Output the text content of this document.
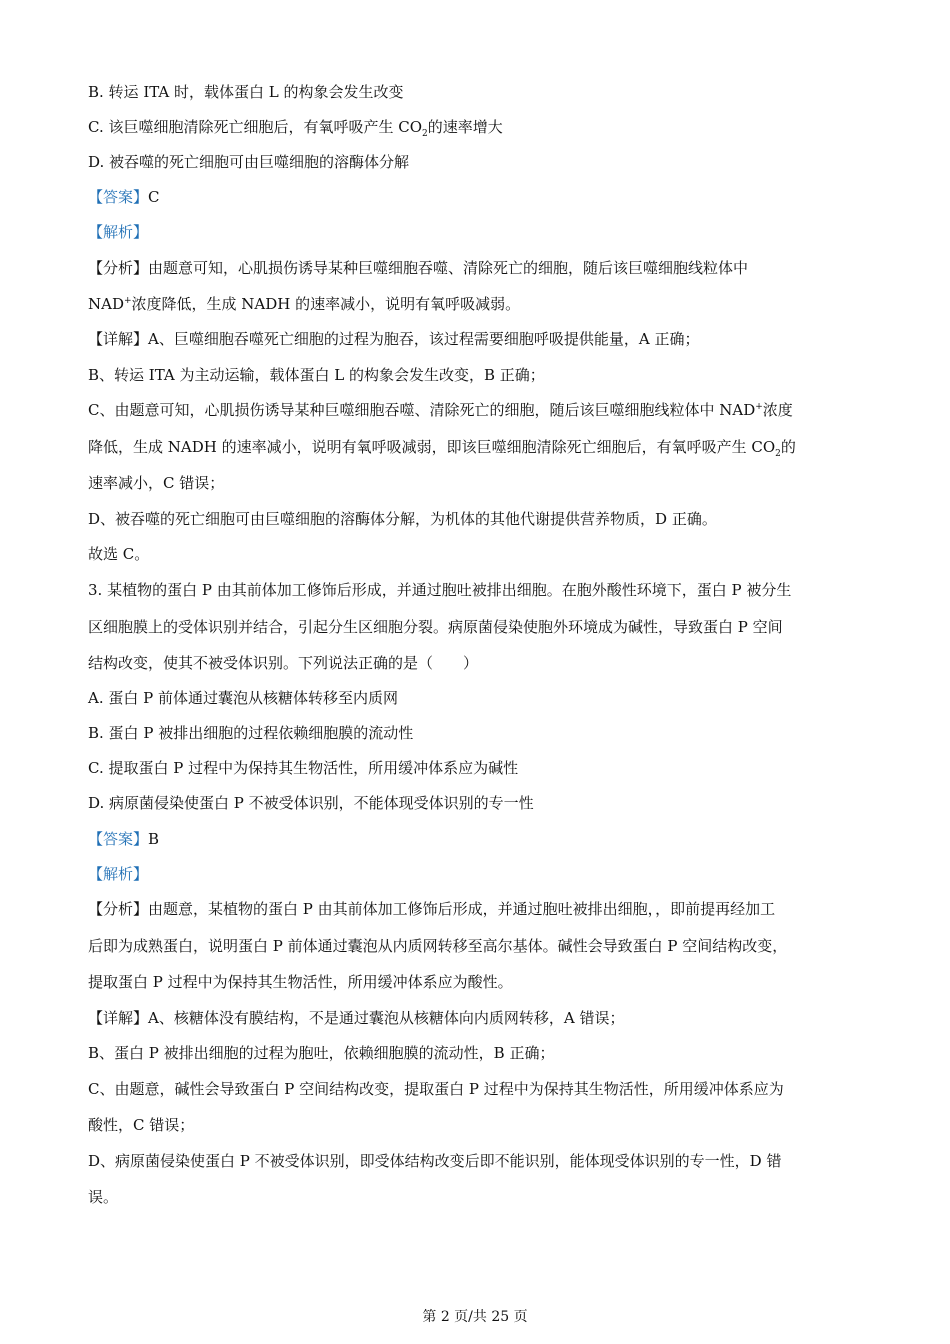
B. 转运 ITA 时，载体蛋白 L 的构象会发生改变
C. 该巨噬细胞清除死亡细胞后，有氧呼吸产生 $CO_2$的速率增大
D. 被吞噬的死亡细胞可由巨噬细胞的溶酶体分解
【答案】C
【解析】
【分析】由题意可知，心肌损伤诱导某种巨噬细胞吞噬、清除死亡的细胞，随后该巨噬细胞线粒体中
NAD+浓度降低，生成 NADH 的速率减小，说明有氧呼吸减弱。
【详解】A、巨噬细胞吞噬死亡细胞的过程为胞吞，该过程需要细胞呼吸提供能量，A 正确；
B、转运 ITA 为主动运输，载体蛋白 L 的构象会发生改变，B 正确；
C、由题意可知，心肌损伤诱导某种巨噬细胞吞噬、清除死亡的细胞，随后该巨噬细胞线粒体中 NAD+浓度
降低，生成 NADH 的速率减小，说明有氧呼吸减弱，即该巨噬细胞清除死亡细胞后，有氧呼吸产生 $CO_2$的
速率减小，C 错误；
D、被吞噬的死亡细胞可由巨噬细胞的溶酶体分解，为机体的其他代谢提供营养物质，D 正确。
故选 C。
3. 某植物的蛋白 P 由其前体加工修饰后形成，并通过胞吐被排出细胞。在胞外酸性环境下，蛋白 P 被分生
区细胞膜上的受体识别并结合，引起分生区细胞分裂。病原菌侵染使胞外环境成为碱性，导致蛋白 P 空间
结构改变，使其不被受体识别。下列说法正确的是（　　）
A. 蛋白 P 前体通过囊泡从核糖体转移至内质网
B. 蛋白 P 被排出细胞的过程依赖细胞膜的流动性
C. 提取蛋白 P 过程中为保持其生物活性，所用缓冲体系应为碱性
D. 病原菌侵染使蛋白 P 不被受体识别，不能体现受体识别的专一性
【答案】B
【解析】
【分析】由题意，某植物的蛋白 P 由其前体加工修饰后形成，并通过胞吐被排出细胞，，即前提再经加工
后即为成熟蛋白，说明蛋白 P 前体通过囊泡从内质网转移至高尔基体。碱性会导致蛋白 P 空间结构改变，
提取蛋白 P 过程中为保持其生物活性，所用缓冲体系应为酸性。
【详解】A、核糖体没有膜结构，不是通过囊泡从核糖体向内质网转移，A 错误；
B、蛋白 P 被排出细胞的过程为胞吐，依赖细胞膜的流动性，B 正确；
C、由题意，碱性会导致蛋白 P 空间结构改变，提取蛋白 P 过程中为保持其生物活性，所用缓冲体系应为
酸性，C 错误；
D、病原菌侵染使蛋白 P 不被受体识别，即受体结构改变后即不能识别，能体现受体识别的专一性，D 错
误。
第 2 页/共 25 页
